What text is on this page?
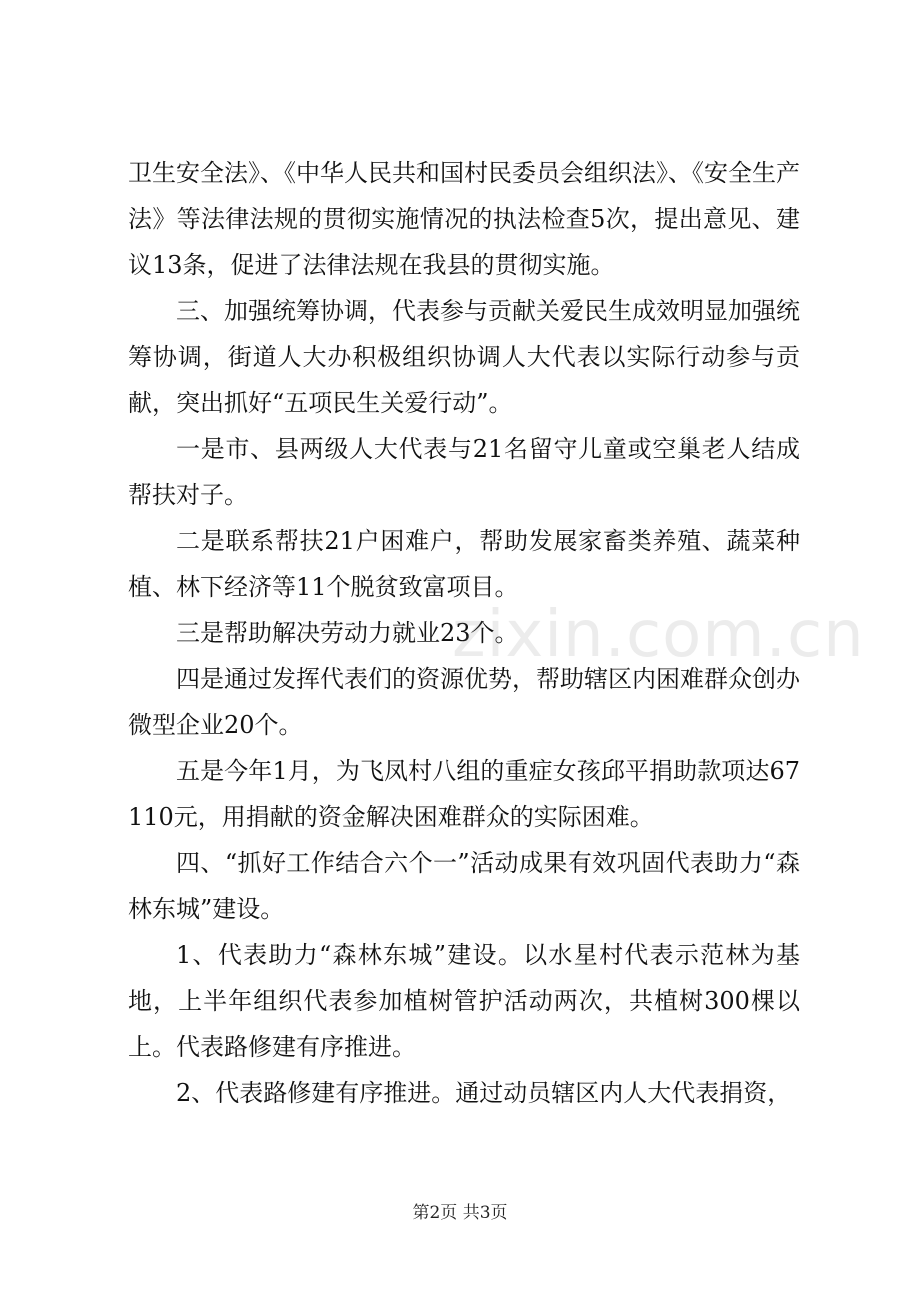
卫生安全法》、《中华人民共和国村民委员会组织法》、《安全生产法》等法律法规的贯彻实施情况的执法检查5次，提出意见、建议13条，促进了法律法规在我县的贯彻实施。

三、加强统筹协调，代表参与贡献关爱民生成效明显加强统筹协调，街道人大办积极组织协调人大代表以实际行动参与贡献，突出抓好“五项民生关爱行动”。

一是市、县两级人大代表与21名留守儿童或空巢老人结成帮扶对子。

二是联系帮扶21户困难户，帮助发展家畜类养殖、蔬菜种植、林下经济等11个脱贫致富项目。

三是帮助解决劳动力就业23个。

四是通过发挥代表们的资源优势，帮助辖区内困难群众创办微型企业20个。

五是今年1月，为飞凤村八组的重症女孩邱平捐助款项达67110元，用捐献的资金解决困难群众的实际困难。

四、“抓好工作结合六个一”活动成果有效巩固代表助力“森林东城”建设。

1、代表助力“森林东城”建设。以水星村代表示范林为基地，上半年组织代表参加植树管护活动两次，共植树300棵以上。代表路修建有序推进。

2、代表路修建有序推进。通过动员辖区内人大代表捐资，

zixin.com.cn
第2页 共3页
